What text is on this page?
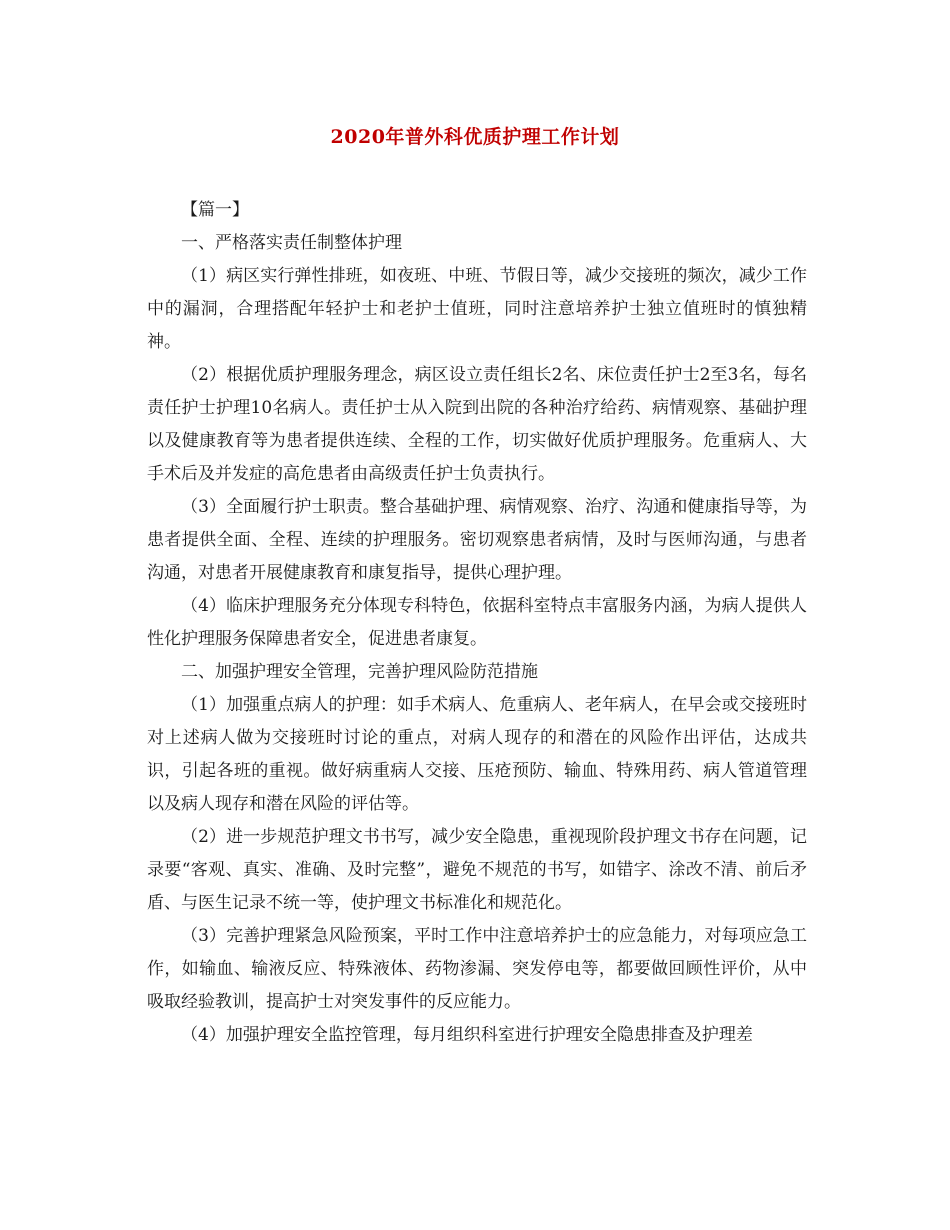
2020年普外科优质护理工作计划

【篇一】

一、严格落实责任制整体护理

（1）病区实行弹性排班，如夜班、中班、节假日等，减少交接班的频次，减少工作中的漏洞，合理搭配年轻护士和老护士值班，同时注意培养护士独立值班时的慎独精神。

（2）根据优质护理服务理念，病区设立责任组长2名、床位责任护士2至3名，每名责任护士护理10名病人。责任护士从入院到出院的各种治疗给药、病情观察、基础护理以及健康教育等为患者提供连续、全程的工作，切实做好优质护理服务。危重病人、大手术后及并发症的高危患者由高级责任护士负责执行。

（3）全面履行护士职责。整合基础护理、病情观察、治疗、沟通和健康指导等，为患者提供全面、全程、连续的护理服务。密切观察患者病情，及时与医师沟通，与患者沟通，对患者开展健康教育和康复指导，提供心理护理。

（4）临床护理服务充分体现专科特色，依据科室特点丰富服务内涵，为病人提供人性化护理服务保障患者安全，促进患者康复。

二、加强护理安全管理，完善护理风险防范措施

（1）加强重点病人的护理：如手术病人、危重病人、老年病人，在早会或交接班时对上述病人做为交接班时讨论的重点，对病人现存的和潜在的风险作出评估，达成共识，引起各班的重视。做好病重病人交接、压疮预防、输血、特殊用药、病人管道管理以及病人现存和潜在风险的评估等。

（2）进一步规范护理文书书写，减少安全隐患，重视现阶段护理文书存在问题，记录要“客观、真实、准确、及时完整”，避免不规范的书写，如错字、涂改不清、前后矛盾、与医生记录不统一等，使护理文书标准化和规范化。

（3）完善护理紧急风险预案，平时工作中注意培养护士的应急能力，对每项应急工作，如输血、输液反应、特殊液体、药物渗漏、突发停电等，都要做回顾性评价，从中吸取经验教训，提高护士对突发事件的反应能力。

（4）加强护理安全监控管理，每月组织科室进行护理安全隐患排查及护理差
